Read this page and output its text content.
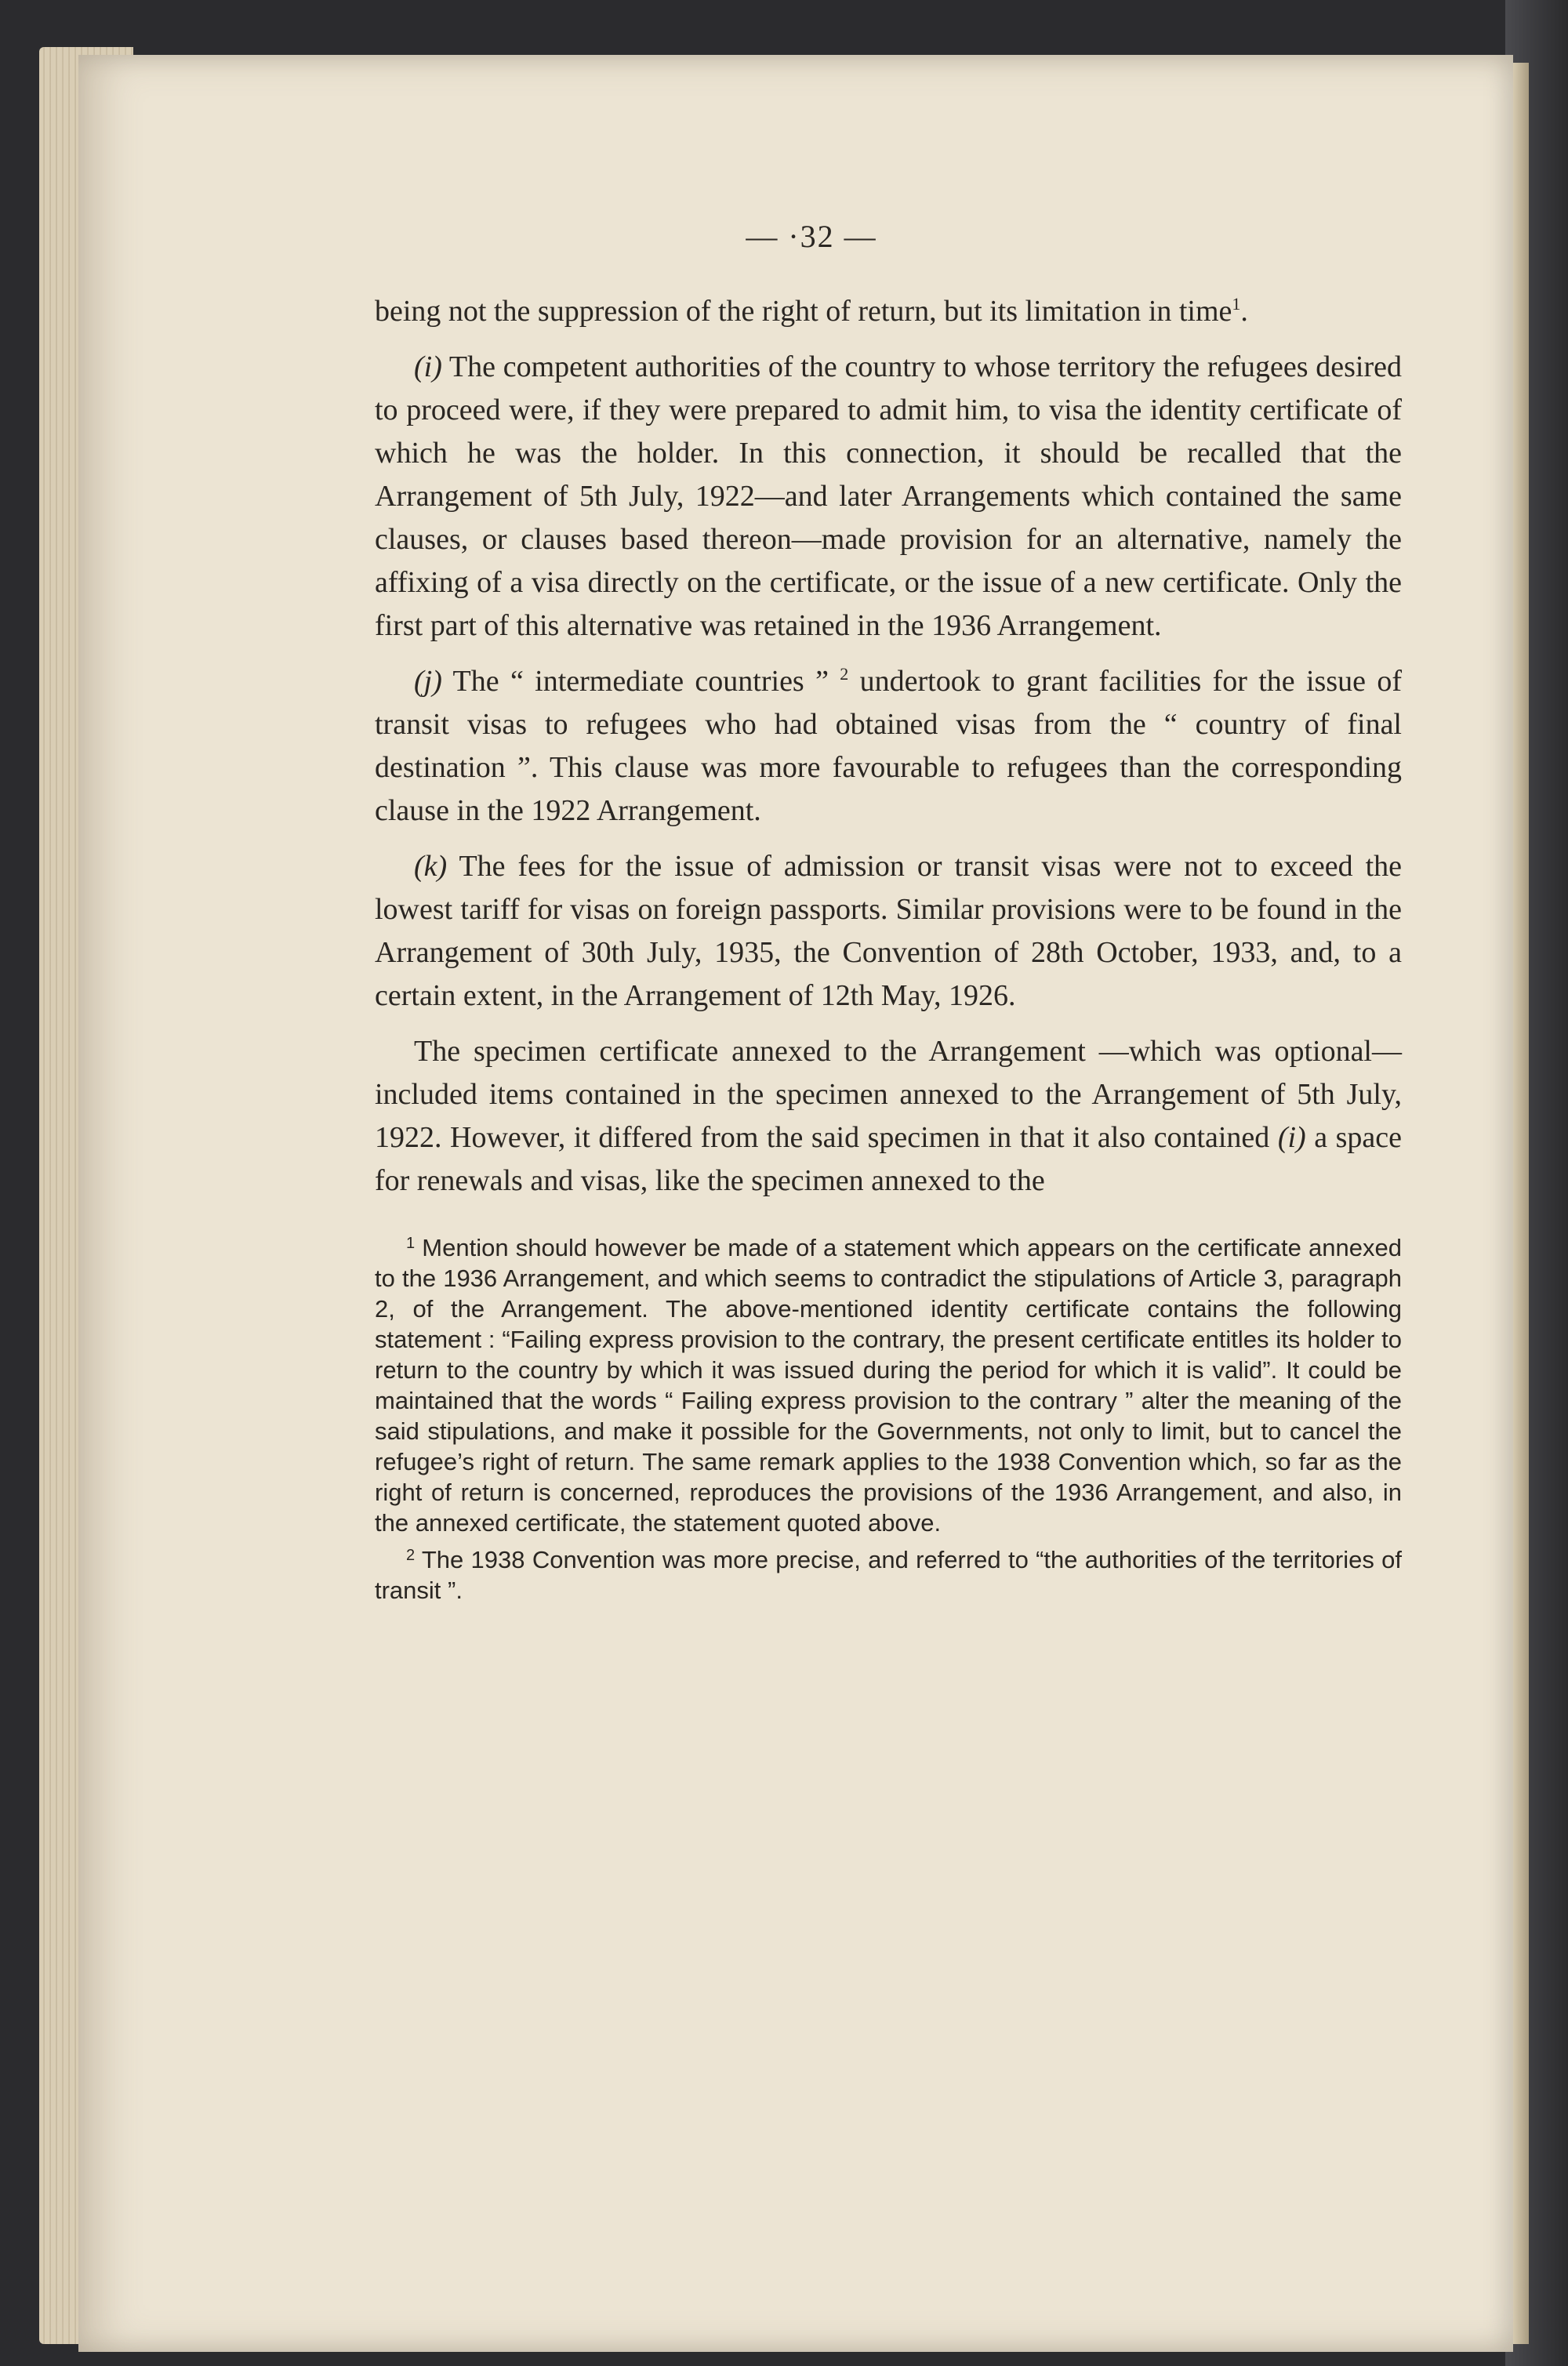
— ·32 —

being not the suppression of the right of return, but its limitation in time$^1$.

(i) The competent authorities of the country to whose territory the refugees desired to proceed were, if they were prepared to admit him, to visa the identity certificate of which he was the holder. In this connection, it should be recalled that the Arrangement of 5th July, 1922—and later Arrangements which contained the same clauses, or clauses based thereon—made provision for an alternative, namely the affixing of a visa directly on the certificate, or the issue of a new certificate. Only the first part of this alternative was retained in the 1936 Arrangement.

(j) The “ intermediate countries ” $^2$ undertook to grant facilities for the issue of transit visas to refugees who had obtained visas from the “ country of final destination ”. This clause was more favourable to refugees than the corresponding clause in the 1922 Arrangement.

(k) The fees for the issue of admission or transit visas were not to exceed the lowest tariff for visas on foreign passports. Similar provisions were to be found in the Arrangement of 30th July, 1935, the Convention of 28th October, 1933, and, to a certain extent, in the Arrangement of 12th May, 1926.

The specimen certificate annexed to the Arrangement —which was optional—included items contained in the specimen annexed to the Arrangement of 5th July, 1922. However, it differed from the said specimen in that it also contained (i) a space for renewals and visas, like the specimen annexed to the

$^1$ Mention should however be made of a statement which appears on the certificate annexed to the 1936 Arrangement, and which seems to contradict the stipulations of Article 3, paragraph 2, of the Arrangement. The above-mentioned identity certificate contains the following statement : “Failing express provision to the contrary, the present certificate entitles its holder to return to the country by which it was issued during the period for which it is valid”. It could be maintained that the words “ Failing express provision to the contrary ” alter the meaning of the said stipulations, and make it possible for the Governments, not only to limit, but to cancel the refugee’s right of return. The same remark applies to the 1938 Convention which, so far as the right of return is concerned, reproduces the provisions of the 1936 Arrangement, and also, in the annexed certificate, the statement quoted above.

$^2$ The 1938 Convention was more precise, and referred to “the authorities of the territories of transit ”.
